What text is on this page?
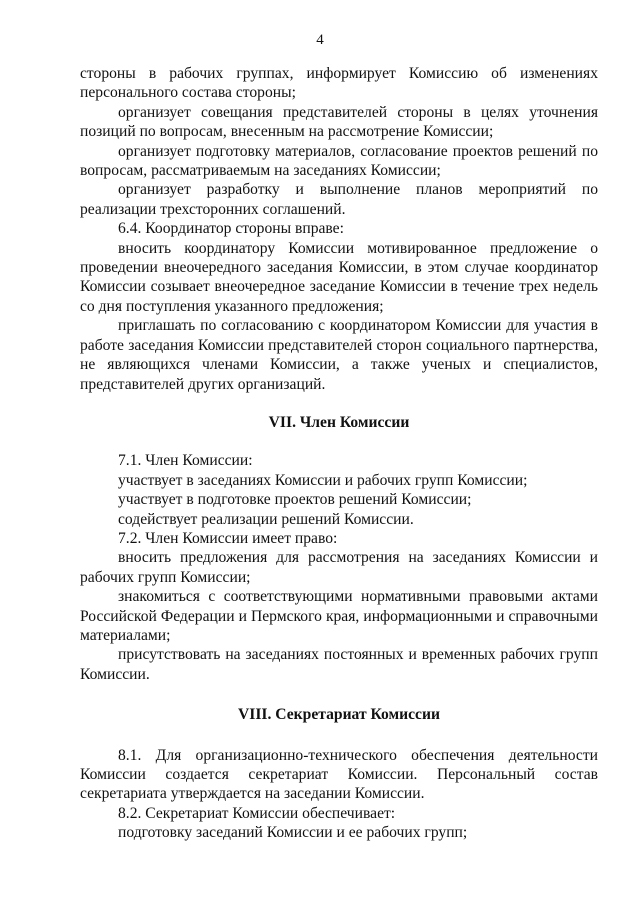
4

стороны в рабочих группах, информирует Комиссию об изменениях персонального состава стороны;

организует совещания представителей стороны в целях уточнения позиций по вопросам, внесенным на рассмотрение Комиссии;

организует подготовку материалов, согласование проектов решений по вопросам, рассматриваемым на заседаниях Комиссии;

организует разработку и выполнение планов мероприятий по реализации трехсторонних соглашений.

6.4. Координатор стороны вправе:

вносить координатору Комиссии мотивированное предложение о проведении внеочередного заседания Комиссии, в этом случае координатор Комиссии созывает внеочередное заседание Комиссии в течение трех недель со дня поступления указанного предложения;

приглашать по согласованию с координатором Комиссии для участия в работе заседания Комиссии представителей сторон социального партнерства, не являющихся членами Комиссии, а также ученых и специалистов, представителей других организаций.

VII. Член Комиссии

7.1. Член Комиссии:

участвует в заседаниях Комиссии и рабочих групп Комиссии;

участвует в подготовке проектов решений Комиссии;

содействует реализации решений Комиссии.

7.2. Член Комиссии имеет право:

вносить предложения для рассмотрения на заседаниях Комиссии и рабочих групп Комиссии;

знакомиться с соответствующими нормативными правовыми актами Российской Федерации и Пермского края, информационными и справочными материалами;

присутствовать на заседаниях постоянных и временных рабочих групп Комиссии.

VIII. Секретариат Комиссии

8.1. Для организационно-технического обеспечения деятельности Комиссии создается секретариат Комиссии. Персональный состав секретариата утверждается на заседании Комиссии.

8.2. Секретариат Комиссии обеспечивает:

подготовку заседаний Комиссии и ее рабочих групп;
